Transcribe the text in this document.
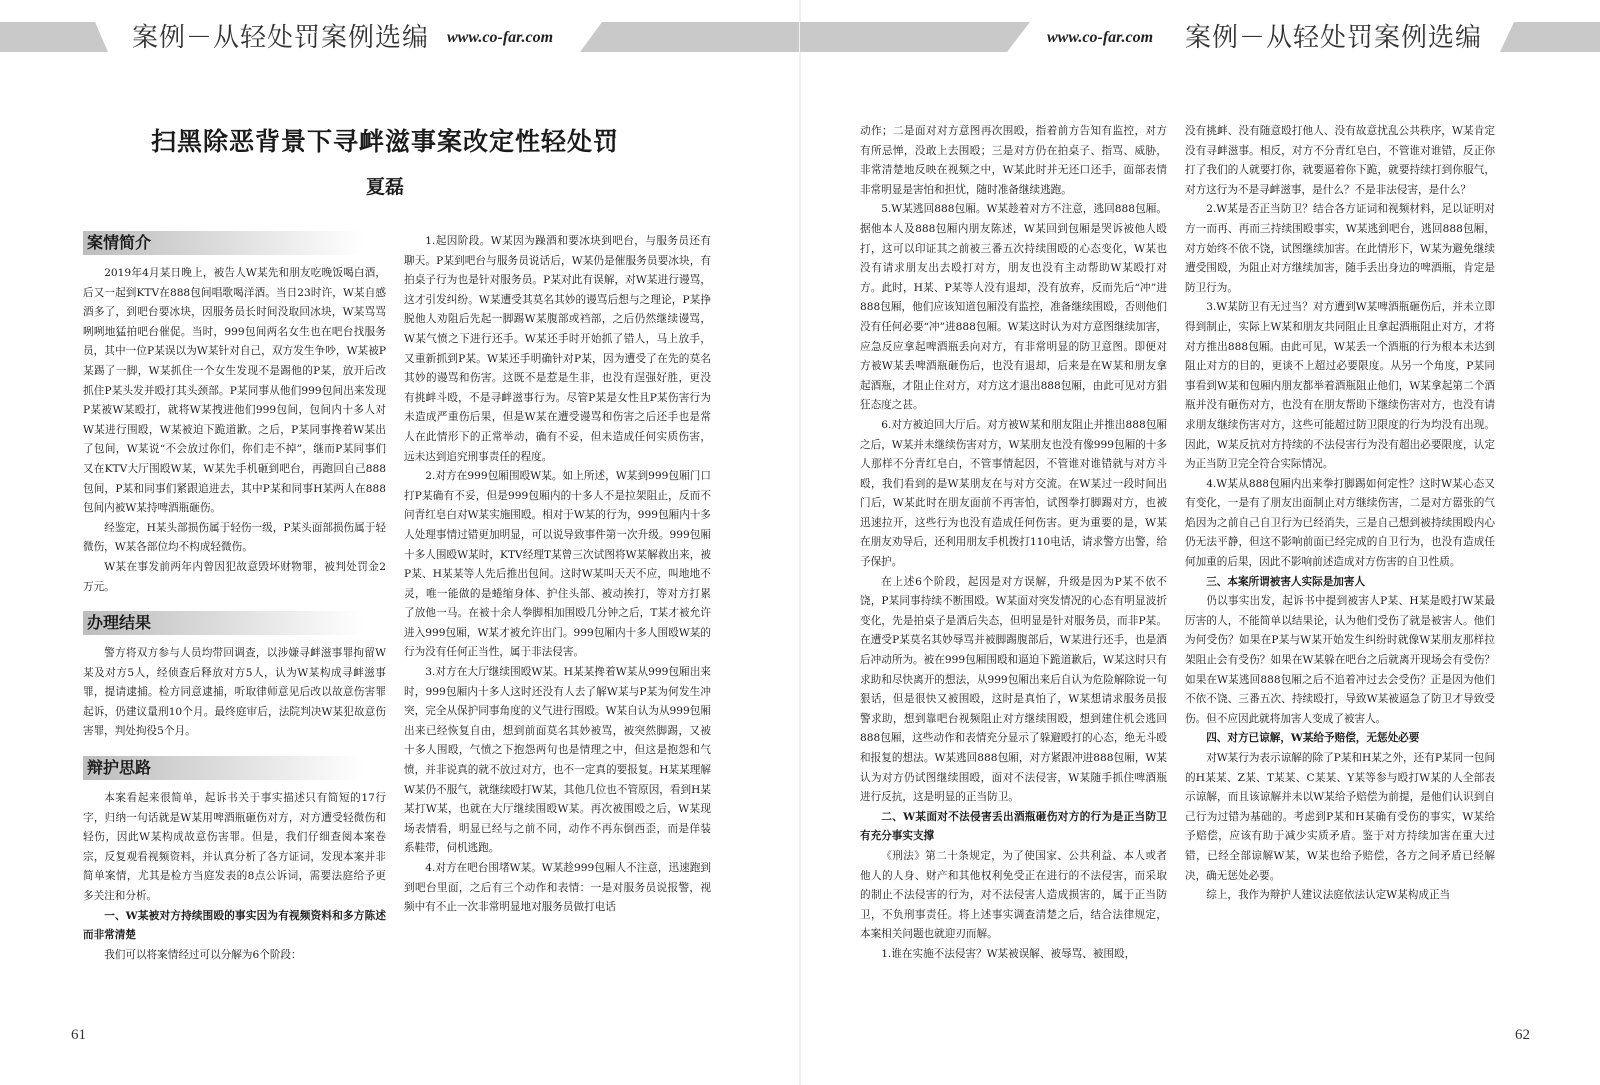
案例－从轻处罚案例选编 www.co-far.com
扫黑除恶背景下寻衅滋事案改定性轻处罚
夏磊
案情简介

2019年4月某日晚上，被告人W某先和朋友吃晚饭喝白酒，后又一起到KTV在888包间唱歌喝洋酒。当日23时许，W某自感酒多了，到吧台要冰块，因服务员长时间没取回冰块，W某骂骂咧咧地猛拍吧台催促。当时，999包间两名女生也在吧台找服务员，其中一位P某误以为W某针对自己，双方发生争吵，W某被P某踢了一脚，W某抓住一个女生发现不是踢他的P某，放开后改抓住P某头发并殴打其头颈部。P某同事从他们999包间出来发现P某被W某殴打，就将W某拽进他们999包间，包间内十多人对W某进行围殴，W某被迫下跪道歉。之后，P某同事搀着W某出了包间，W某说“不会放过你们，你们走不掉”，继而P某同事们又在KTV大厅围殴W某，W某先手机砸到吧台，再跑回自己888包间，P某和同事们紧跟追进去，其中P某和同事H某两人在888包间内被W某持啤酒瓶砸伤。

经鉴定，H某头部损伤属于轻伤一级，P某头面部损伤属于轻微伤，W某各部位均不构成轻微伤。

W某在事发前两年内曾因犯故意毁坏财物罪，被判处罚金2万元。

办理结果

警方将双方参与人员均带回调查，以涉嫌寻衅滋事罪拘留W某及对方5人，经侦查后释放对方5人，认为W某构成寻衅滋事罪，提请逮捕。检方同意逮捕，听取律师意见后改以故意伤害罪起诉，仍建议量刑10个月。最终庭审后，法院判决W某犯故意伤害罪，判处拘役5个月。

辩护思路

本案看起来很简单，起诉书关于事实描述只有简短的17行字，归纳一句话就是W某用啤酒瓶砸伤对方，对方遭受轻微伤和轻伤，因此W某构成故意伤害罪。但是，我们仔细查阅本案卷宗，反复观看视频资料，并认真分析了各方证词，发现本案并非简单案情，尤其是检方当庭发表的8点公诉词，需要法庭给予更多关注和分析。

一、W某被对方持续围殴的事实因为有视频资料和多方陈述而非常清楚

我们可以将案情经过可以分解为6个阶段：

1.起因阶段。W某因为躁酒和要冰块到吧台，与服务员还有聊天。P某到吧台与服务员说话后，W某仍是催服务员要冰块，有拍桌子行为也是针对服务员。P某对此有误解，对W某进行谩骂，这才引发纠纷。W某遭受其莫名其妙的谩骂后想与之理论，P某挣脱他人劝阻后先起一脚踢W某腹部或裆部，之后仍然继续谩骂，W某气愤之下进行还手。W某还手时开始抓了错人，马上放手，又重新抓到P某。W某还手明确针对P某，因为遭受了在先的莫名其妙的谩骂和伤害。这既不是惹是生非，也没有逞强好胜，更没有挑衅斗殴，不是寻衅滋事行为。尽管P某是女性且P某伤害行为未造成严重伤后果，但是W某在遭受谩骂和伤害之后还手也是常人在此情形下的正常举动，确有不妥，但未造成任何实质伤害，远未达到追究刑事责任的程度。

2.对方在999包厢围殴W某。如上所述，W某到999包厢门口打P某确有不妥，但是999包厢内的十多人不是拉架阻止，反而不问青红皂白对W某实施围殴。相对于W某的行为，999包厢内十多人处理事情过错更加明显，可以说导致事件第一次升级。999包厢十多人围殴W某时，KTV经理T某曾三次试图将W某解救出来，被P某、H某某等人先后推出包间。这时W某叫天天不应，叫地地不灵，唯一能做的是蜷缩身体、护住头部、被动挨打，等对方打累了放他一马。在被十余人拳脚相加围殴几分钟之后，T某才被允许进入999包厢，W某才被允许出门。999包厢内十多人围殴W某的行为没有任何正当性，属于非法侵害。

3.对方在大厅继续围殴W某。H某某搀着W某从999包厢出来时，999包厢内十多人这时还没有人去了解W某与P某为何发生冲突，完全从保护同事角度的义气进行围殴。W某自认为从999包厢出来已经恢复自由，想到前面莫名其妙被骂，被突然脚踢，又被十多人围殴，气愤之下抱怨两句也是情理之中，但这是抱怨和气愤，并非说真的就不放过对方，也不一定真的要报复。H某某理解W某仍不服气，就继续殴打W某，其他几位也不管原因，看到H某某打W某，也就在大厅继续围殴W某。再次被围殴之后，W某现场表情看，明显已经与之前不同，动作不再东倒西歪，而是佯装系鞋带，伺机逃跑。

4.对方在吧台围堵W某。W某趁999包厢人不注意，迅速跑到到吧台里面，之后有三个动作和表情：一是对服务员说报警，视频中有不止一次非常明显地对服务员做打电话

61
www.co-far.com 案例－从轻处罚案例选编

动作；二是面对对方意图再次围殴，指着前方告知有监控，对方有所忌惮，没敢上去围殴；三是对方仍在拍桌子、指骂、威胁，非常清楚地反映在视频之中，W某此时并无还口还手，面部表情非常明显是害怕和担忧，随时准备继续逃跑。

5.W某逃回888包厢。W某趁着对方不注意，逃回888包厢。据他本人及888包厢内朋友陈述，W某回到包厢是哭诉被他人殴打，这可以印证其之前被三番五次持续围殴的心态变化，W某也没有请求朋友出去殴打对方，朋友也没有主动帮助W某殴打对方。此时，H某、P某等人没有退却，没有放弃，反而先后“冲”进888包厢，他们应该知道包厢没有监控，准备继续围殴，否则他们没有任何必要“冲”进888包厢。W某这时认为对方意图继续加害，应急反应拿起啤酒瓶丢向对方，有非常明显的防卫意图。即便对方被W某丢啤酒瓶砸伤后，也没有退却，后来是在W某和朋友拿起酒瓶，才阻止住对方，对方这才退出888包厢，由此可见对方猖狂态度之甚。

6.对方被迫回大厅后。对方被W某和朋友阻止并推出888包厢之后，W某并未继续伤害对方，W某朋友也没有像999包厢的十多人那样不分青红皂白，不管事情起因，不管谁对谁错就与对方斗殴，我们看到的是W某朋友在与对方交流。在W某过一段时间出门后，W某此时在朋友面前不再害怕，试图拳打脚踢对方，也被迅速拉开，这些行为也没有造成任何伤害。更为重要的是，W某在朋友劝导后，还利用朋友手机拨打110电话，请求警方出警，给予保护。

在上述6个阶段，起因是对方误解，升级是因为P某不依不饶，P某同事持续不断围殴。W某面对突发情况的心态有明显波折变化，先是拍桌子是酒后失态，但明显是针对服务员，而非P某。在遭受P某莫名其妙辱骂并被脚踢腹部后，W某进行还手，也是酒后冲动所为。被在999包厢围殴和逼迫下跪道歉后，W某这时只有求助和尽快离开的想法，从999包厢出来后自认为危险解除说一句狠话，但是很快又被围殴，这时是真怕了，W某想请求服务员报警求助，想到靠吧台视频阻止对方继续围殴，想到建住机会逃回888包厢，这些动作和表情充分显示了躲避殴打的心态，绝无斗殴和报复的想法。W某逃回888包厢，对方紧跟冲进888包厢，W某认为对方仍试图继续围殴，面对不法侵害，W某随手抓住啤酒瓶进行反抗，这是明显的正当防卫。

二、W某面对不法侵害丢出酒瓶砸伤对方的行为是正当防卫有充分事实支撑

《刑法》第二十条规定，为了使国家、公共利益、本人或者他人的人身、财产和其他权利免受正在进行的不法侵害，而采取的制止不法侵害的行为，对不法侵害人造成损害的，属于正当防卫，不负刑事责任。将上述事实调查清楚之后，结合法律规定，本案相关问题也就迎刃而解。

1.谁在实施不法侵害？W某被误解、被辱骂、被围殴，

没有挑衅、没有随意殴打他人、没有故意扰乱公共秩序，W某肯定没有寻衅滋事。相反，对方不分青红皂白，不管谁对谁错，反正你打了我们的人就要打你，就要逼着你下跪，就要持续打到你服气，对方这行为不是寻衅滋事，是什么？不是非法侵害，是什么？

2.W某是否正当防卫？结合各方证词和视频材料，足以证明对方一而再、再而三持续围殴事实，W某逃到吧台，逃回888包厢，对方始终不依不饶，试图继续加害。在此情形下，W某为避免继续遭受围殴，为阻止对方继续加害，随手丢出身边的啤酒瓶，肯定是防卫行为。

3.W某防卫有无过当？对方遭到W某啤酒瓶砸伤后，并未立即得到制止，实际上W某和朋友共同阻止且拿起酒瓶阻止对方，才将对方推出888包厢。由此可见，W某丢一个酒瓶的行为根本未达到阻止对方的目的，更谈不上超过必要限度。从另一个角度，P某同事看到W某和包厢内朋友都举着酒瓶阻止他们，W某拿起第二个酒瓶并没有砸伤对方，也没有在朋友帮助下继续伤害对方，也没有请求朋友继续伤害对方，这些可能超过防卫限度的行为均没有出现。因此，W某反抗对方持续的不法侵害行为没有超出必要限度，认定为正当防卫完全符合实际情况。

4.W某从888包厢内出来拳打脚踢如何定性？这时W某心态又有变化，一是有了朋友出面制止对方继续伤害，二是对方嚣张的气焰因为之前自己自卫行为已经消失，三是自己想到被持续围殴内心仍无法平静，但这不影响前面已经完成的自卫行为，也没有造成任何加重的后果，因此不影响前述造成对方伤害的自卫性质。

三、本案所谓被害人实际是加害人

仍以事实出发，起诉书中提到被害人P某、H某是殴打W某最厉害的人，不能简单以结果论，认为他们受伤了就是被害人。他们为何受伤？如果在P某与W某开始发生纠纷时就像W某朋友那样拉架阻止会有受伤？如果在W某躲在吧台之后就离开现场会有受伤？如果在W某逃回888包厢之后不追着冲过去会受伤？正是因为他们不依不饶、三番五次、持续殴打，导致W某被逼急了防卫才导致受伤。但不应因此就将加害人变成了被害人。

四、对方已谅解，W某给予赔偿，无惩处必要

对W某行为表示谅解的除了P某和H某之外，还有P某同一包间的H某某、Z某、T某某、C某某、Y某等参与殴打W某的人全部表示谅解，而且该谅解并未以W某给予赔偿为前提，是他们认识到自己行为过错为基础的。考虑到P某和H某确有受伤的事实，W某给予赔偿，应该有助于减少实质矛盾。鉴于对方持续加害在重大过错，已经全部谅解W某，W某也给予赔偿，各方之间矛盾已经解决，确无惩处必要。

综上，我作为辩护人建议法庭依法认定W某构成正当

62
